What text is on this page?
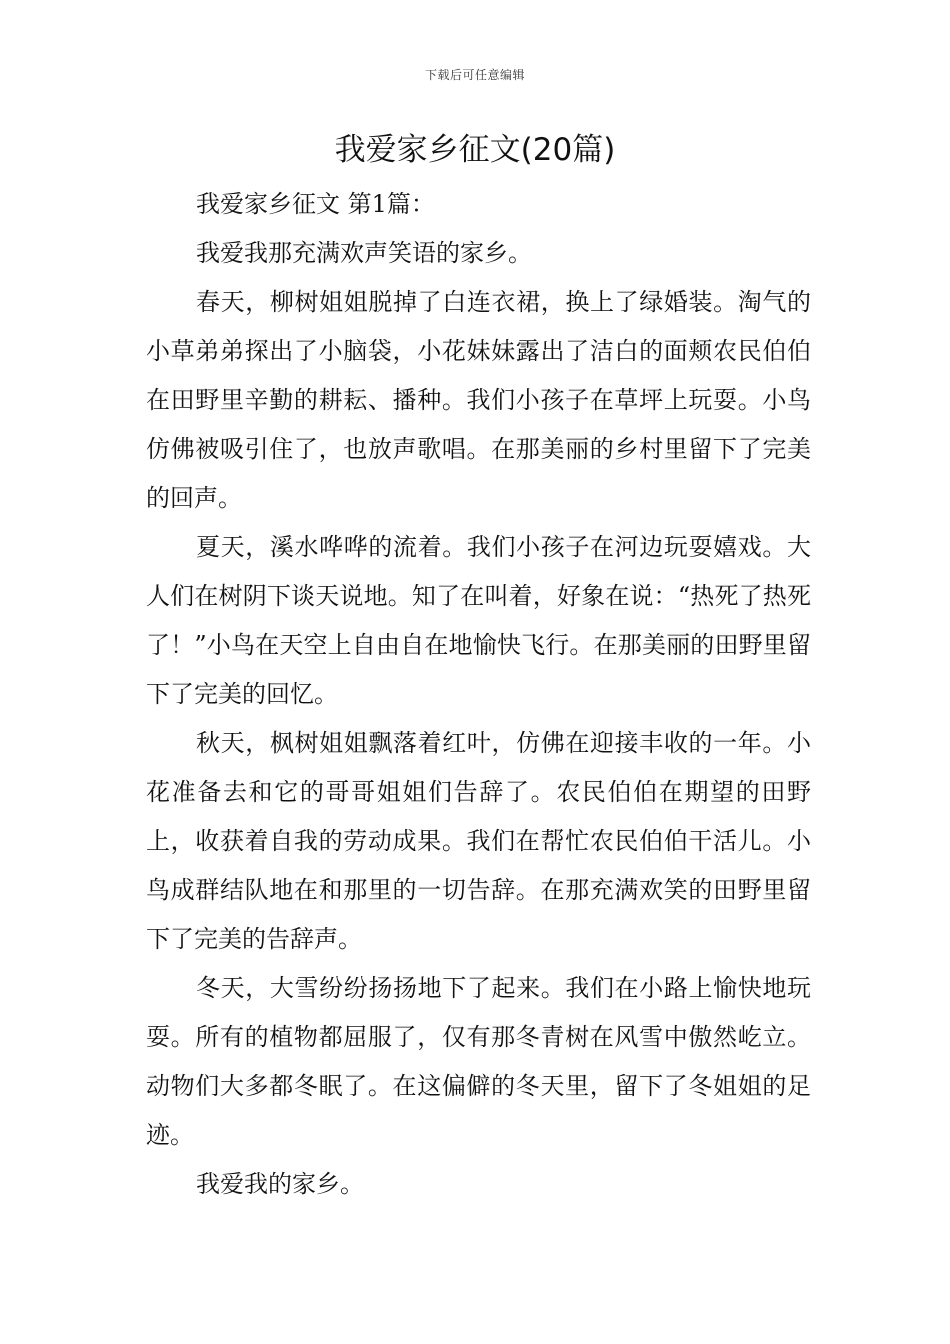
下载后可任意编辑
我爱家乡征文(20篇)

我爱家乡征文 第1篇：

我爱我那充满欢声笑语的家乡。

春天，柳树姐姐脱掉了白连衣裙，换上了绿婚装。淘气的小草弟弟探出了小脑袋，小花妹妹露出了洁白的面颊农民伯伯在田野里辛勤的耕耘、播种。我们小孩子在草坪上玩耍。小鸟仿佛被吸引住了，也放声歌唱。在那美丽的乡村里留下了完美的回声。

夏天，溪水哗哗的流着。我们小孩子在河边玩耍嬉戏。大人们在树阴下谈天说地。知了在叫着，好象在说：“热死了热死了！”小鸟在天空上自由自在地愉快飞行。在那美丽的田野里留下了完美的回忆。

秋天，枫树姐姐飘落着红叶，仿佛在迎接丰收的一年。小花准备去和它的哥哥姐姐们告辞了。农民伯伯在期望的田野上，收获着自我的劳动成果。我们在帮忙农民伯伯干活儿。小鸟成群结队地在和那里的一切告辞。在那充满欢笑的田野里留下了完美的告辞声。

冬天，大雪纷纷扬扬地下了起来。我们在小路上愉快地玩耍。所有的植物都屈服了，仅有那冬青树在风雪中傲然屹立。动物们大多都冬眠了。在这偏僻的冬天里，留下了冬姐姐的足迹。

我爱我的家乡。
